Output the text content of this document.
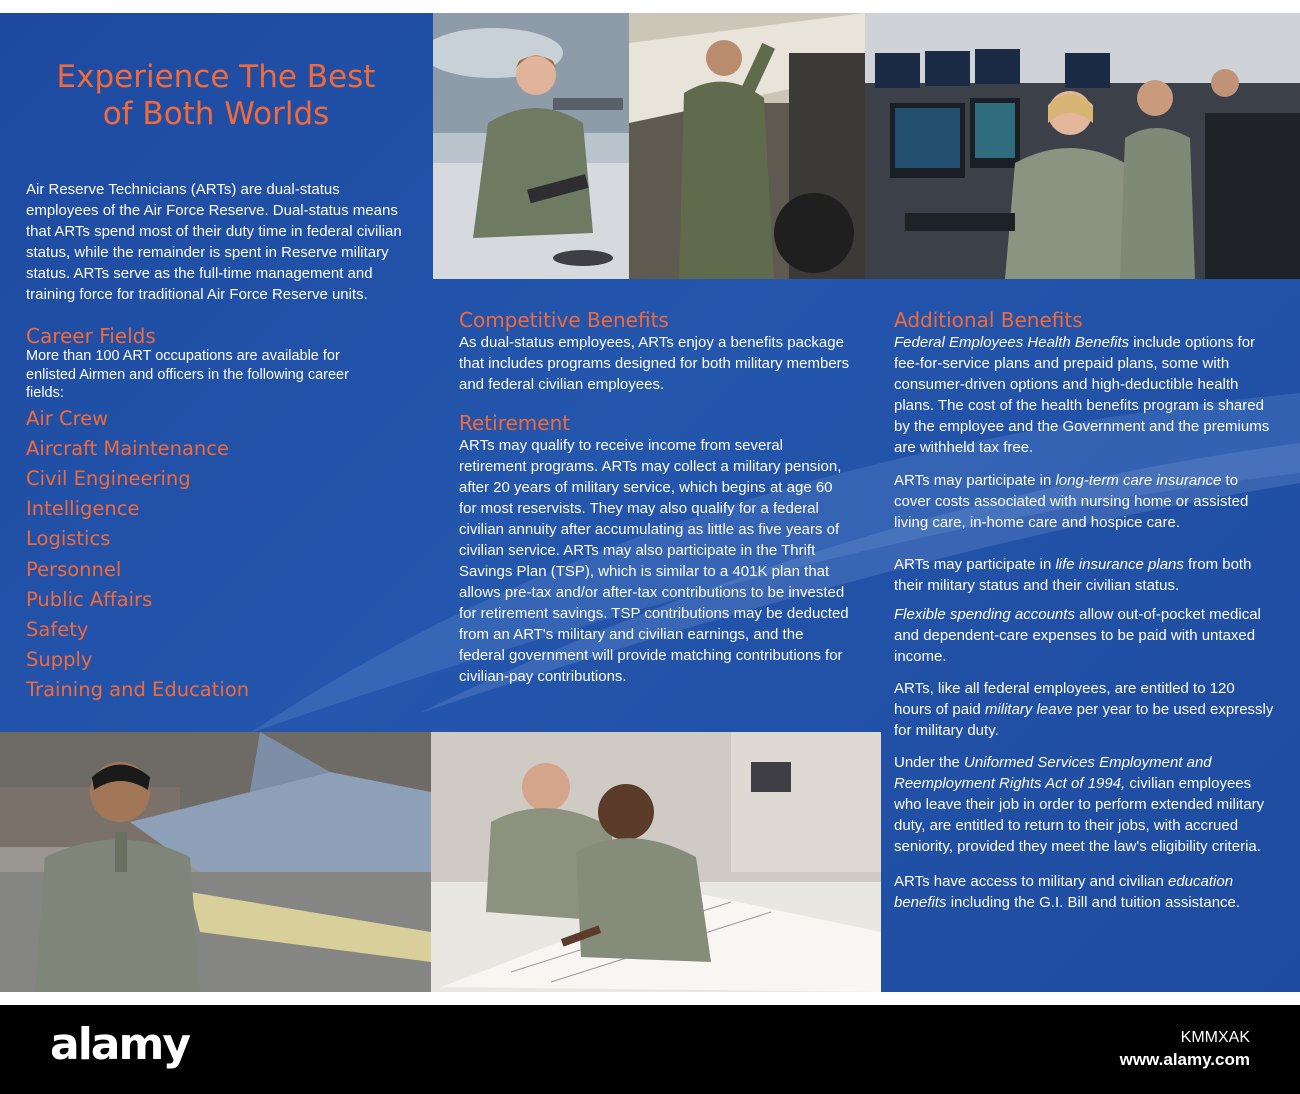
Experience The Best
of Both Worlds

Air Reserve Technicians (ARTs) are dual-status employees of the Air Force Reserve. Dual-status means that ARTs spend most of their duty time in federal civilian status, while the remainder is spent in Reserve military status. ARTs serve as the full-time management and training force for traditional Air Force Reserve units.

Career Fields

More than 100 ART occupations are available for enlisted Airmen and officers in the following career fields:

Air Crew
Aircraft Maintenance
Civil Engineering
Intelligence
Logistics
Personnel
Public Affairs
Safety
Supply
Training and Education
Competitive Benefits

As dual-status employees, ARTs enjoy a benefits package that includes programs designed for both military members and federal civilian employees.

Retirement

ARTs may qualify to receive income from several retirement programs. ARTs may collect a military pension, after 20 years of military service, which begins at age 60 for most reservists. They may also qualify for a federal civilian annuity after accumulating as little as five years of civilian service. ARTs may also participate in the Thrift Savings Plan (TSP), which is similar to a 401K plan that allows pre-tax and/or after-tax contributions to be invested for retirement savings. TSP contributions may be deducted from an ART's military and civilian earnings, and the federal government will provide matching contributions for civilian-pay contributions.

Additional Benefits

Federal Employees Health Benefits include options for fee-for-service plans and prepaid plans, some with consumer-driven options and high-deductible health plans. The cost of the health benefits program is shared by the employee and the Government and the premiums are withheld tax free.

ARTs may participate in long-term care insurance to cover costs associated with nursing home or assisted living care, in-home care and hospice care.

ARTs may participate in life insurance plans from both their military status and their civilian status.

Flexible spending accounts allow out-of-pocket medical and dependent-care expenses to be paid with untaxed income.

ARTs, like all federal employees, are entitled to 120 hours of paid military leave per year to be used expressly for military duty.

Under the Uniformed Services Employment and Reemployment Rights Act of 1994, civilian employees who leave their job in order to perform extended military duty, are entitled to return to their jobs, with accrued seniority, provided they meet the law's eligibility criteria.

ARTs have access to military and civilian education benefits including the G.I. Bill and tuition assistance.

alamy	KMMXAK
www.alamy.com
